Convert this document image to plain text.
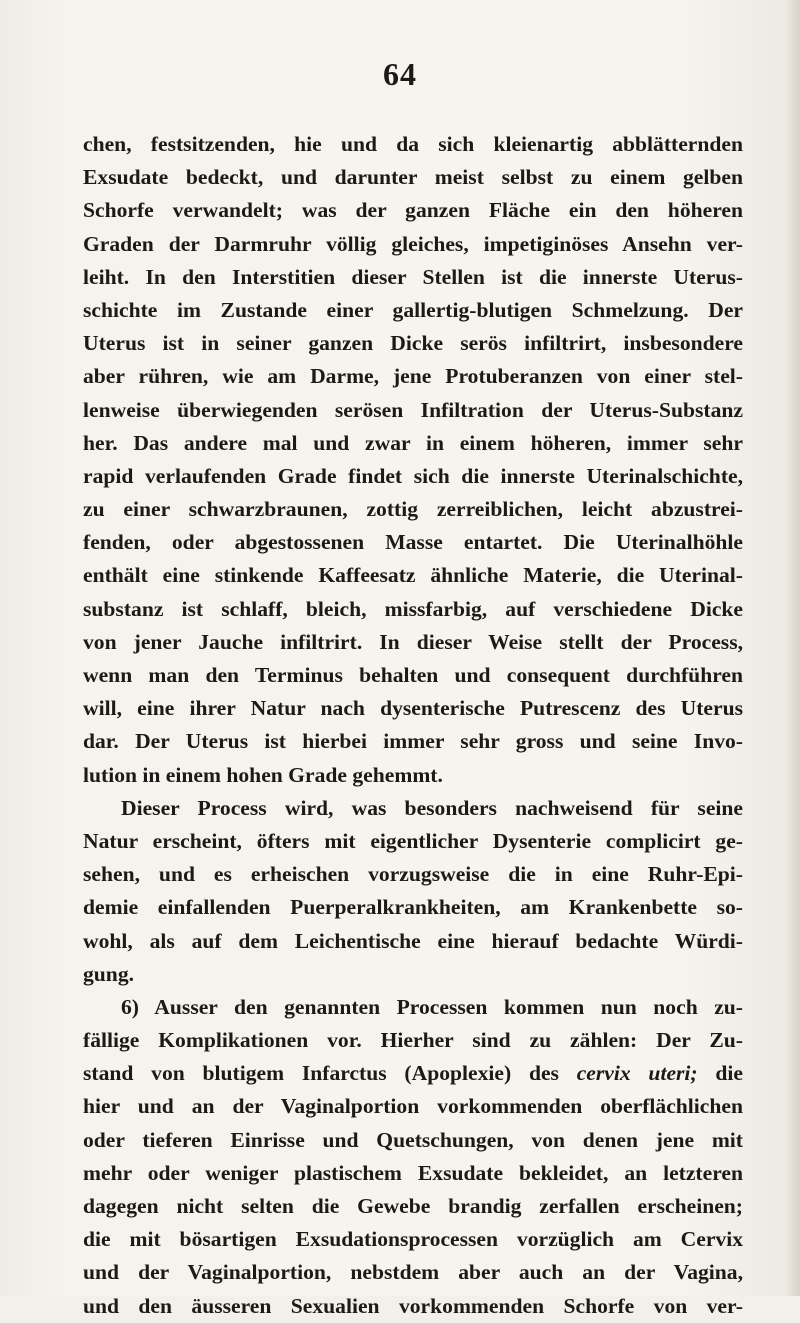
64
chen, festsitzenden, hie und da sich kleienartig abblätternden
Exsudate bedeckt, und darunter meist selbst zu einem gelben
Schorfe verwandelt; was der ganzen Fläche ein den höheren
Graden der Darmruhr völlig gleiches, impetiginöses Ansehn ver-
leiht. In den Interstitien dieser Stellen ist die innerste Uterus-
schichte im Zustande einer gallertig-blutigen Schmelzung. Der
Uterus ist in seiner ganzen Dicke serös infiltrirt, insbesondere
aber rühren, wie am Darme, jene Protuberanzen von einer stel-
lenweise überwiegenden serösen Infiltration der Uterus-Substanz
her. Das andere mal und zwar in einem höheren, immer sehr
rapid verlaufenden Grade findet sich die innerste Uterinalschichte,
zu einer schwarzbraunen, zottig zerreiblichen, leicht abzustrei-
fenden, oder abgestossenen Masse entartet. Die Uterinalhöhle
enthält eine stinkende Kaffeesatz ähnliche Materie, die Uterinal-
substanz ist schlaff, bleich, missfarbig, auf verschiedene Dicke
von jener Jauche infiltrirt. In dieser Weise stellt der Process,
wenn man den Terminus behalten und consequent durchführen
will, eine ihrer Natur nach dysenterische Putrescenz des Uterus
dar. Der Uterus ist hierbei immer sehr gross und seine Invo-
lution in einem hohen Grade gehemmt.
Dieser Process wird, was besonders nachweisend für seine
Natur erscheint, öfters mit eigentlicher Dysenterie complicirt ge-
sehen, und es erheischen vorzugsweise die in eine Ruhr-Epi-
demie einfallenden Puerperalkrankheiten, am Krankenbette so-
wohl, als auf dem Leichentische eine hierauf bedachte Würdi-
gung.
6) Ausser den genannten Processen kommen nun noch zu-
fällige Komplikationen vor. Hierher sind zu zählen: Der Zu-
stand von blutigem Infarctus (Apoplexie) des cervix uteri; die
hier und an der Vaginalportion vorkommenden oberflächlichen
oder tieferen Einrisse und Quetschungen, von denen jene mit
mehr oder weniger plastischem Exsudate bekleidet, an letzteren
dagegen nicht selten die Gewebe brandig zerfallen erscheinen;
die mit bösartigen Exsudationsprocessen vorzüglich am Cervix
und der Vaginalportion, nebstdem aber auch an der Vagina,
und den äusseren Sexualien vorkommenden Schorfe von ver-
